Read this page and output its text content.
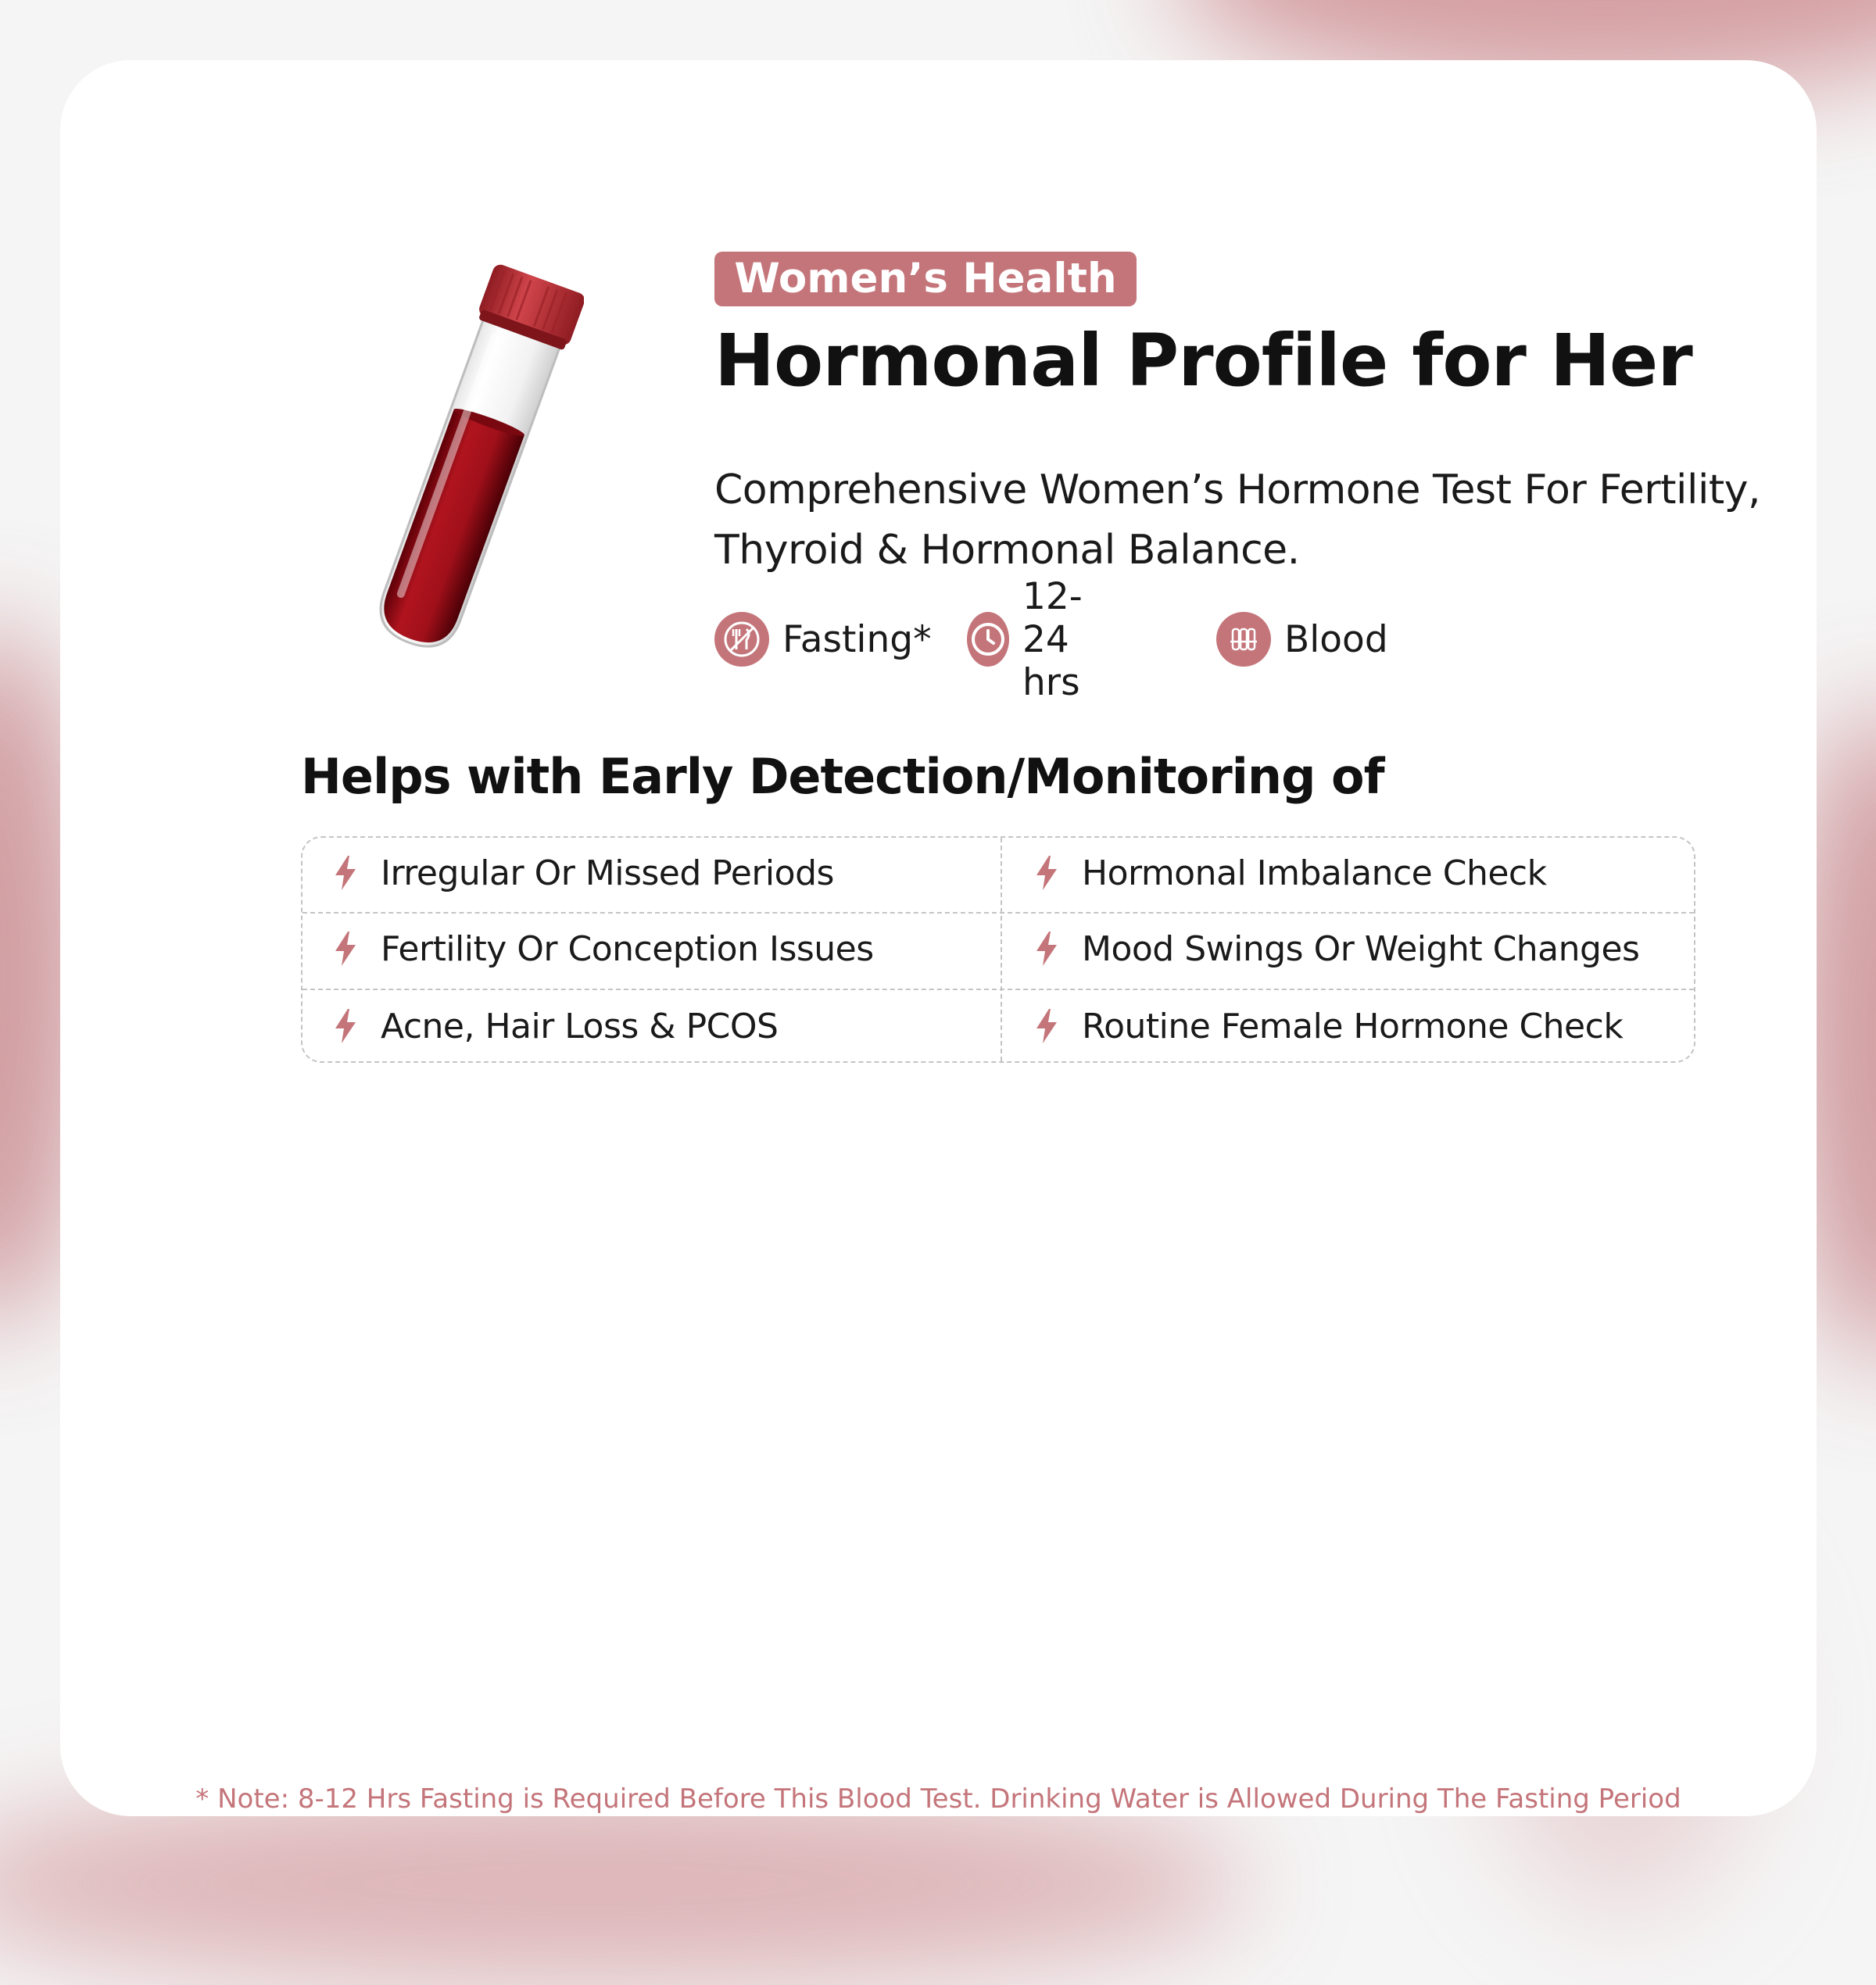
Women’s Health
Hormonal Profile for Her

Comprehensive Women’s Hormone Test For Fertility, Thyroid & Hormonal Balance.

Fasting*
12-24 hrs
Blood
Helps with Early Detection/Monitoring of
Irregular Or Missed Periods	Hormonal Imbalance Check
Fertility Or Conception Issues	Mood Swings Or Weight Changes
Acne, Hair Loss & PCOS	Routine Female Hormone Check

* Note: 8-12 Hrs Fasting is Required Before This Blood Test. Drinking Water is Allowed During The Fasting Period
